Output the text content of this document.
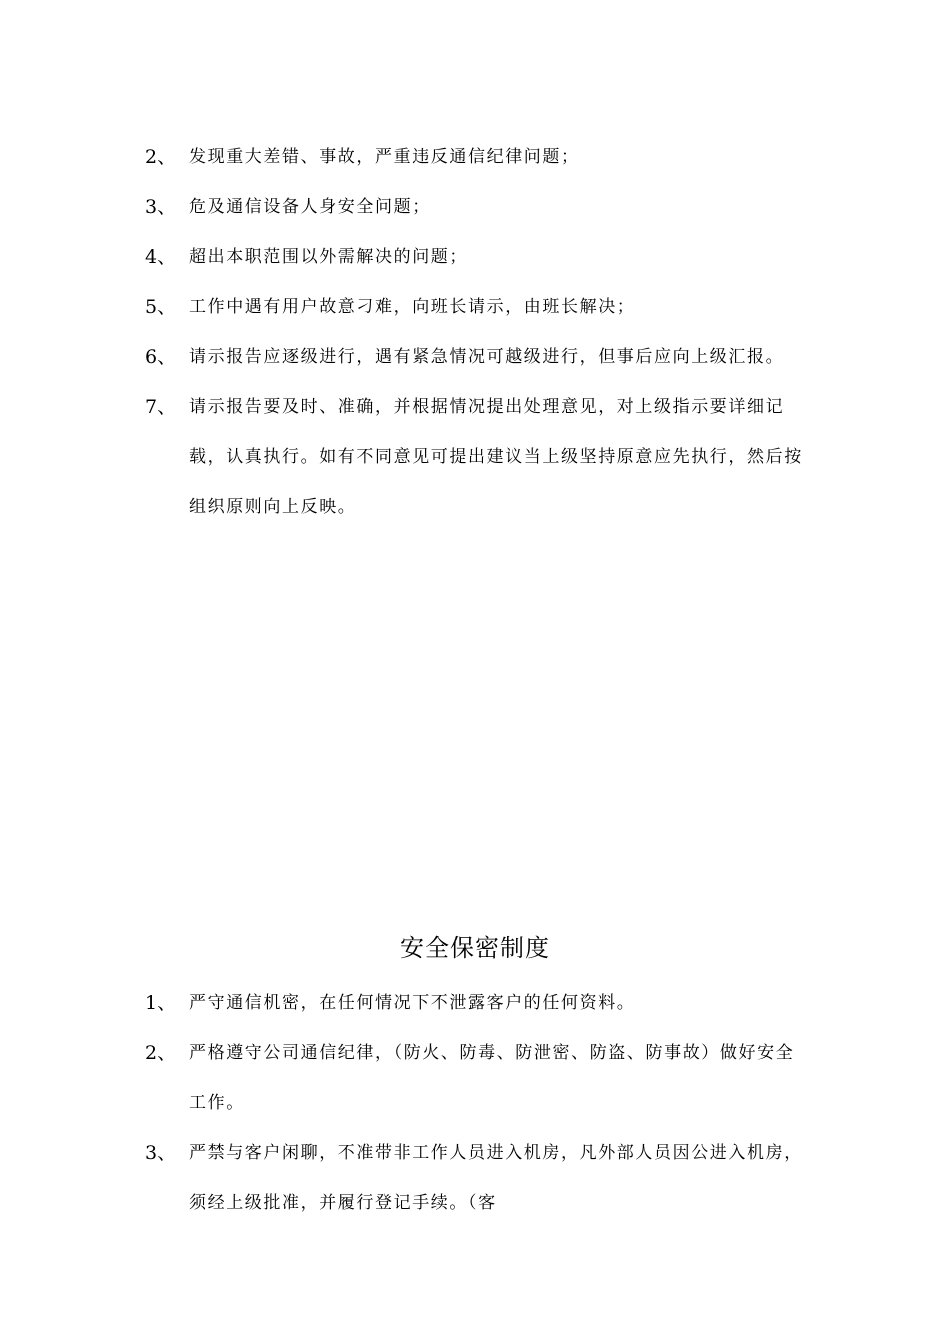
2、 发现重大差错、事故，严重违反通信纪律问题；
3、 危及通信设备人身安全问题；
4、 超出本职范围以外需解决的问题；
5、 工作中遇有用户故意刁难，向班长请示，由班长解决；
6、 请示报告应逐级进行，遇有紧急情况可越级进行，但事后应向上级汇报。
7、 请示报告要及时、准确，并根据情况提出处理意见，对上级指示要详细记载，认真执行。如有不同意见可提出建议当上级坚持原意应先执行，然后按组织原则向上反映。
安全保密制度
1、 严守通信机密，在任何情况下不泄露客户的任何资料。
2、 严格遵守公司通信纪律，（防火、防毒、防泄密、防盗、防事故）做好安全工作。
3、 严禁与客户闲聊，不准带非工作人员进入机房，凡外部人员因公进入机房，须经上级批准，并履行登记手续。（客
